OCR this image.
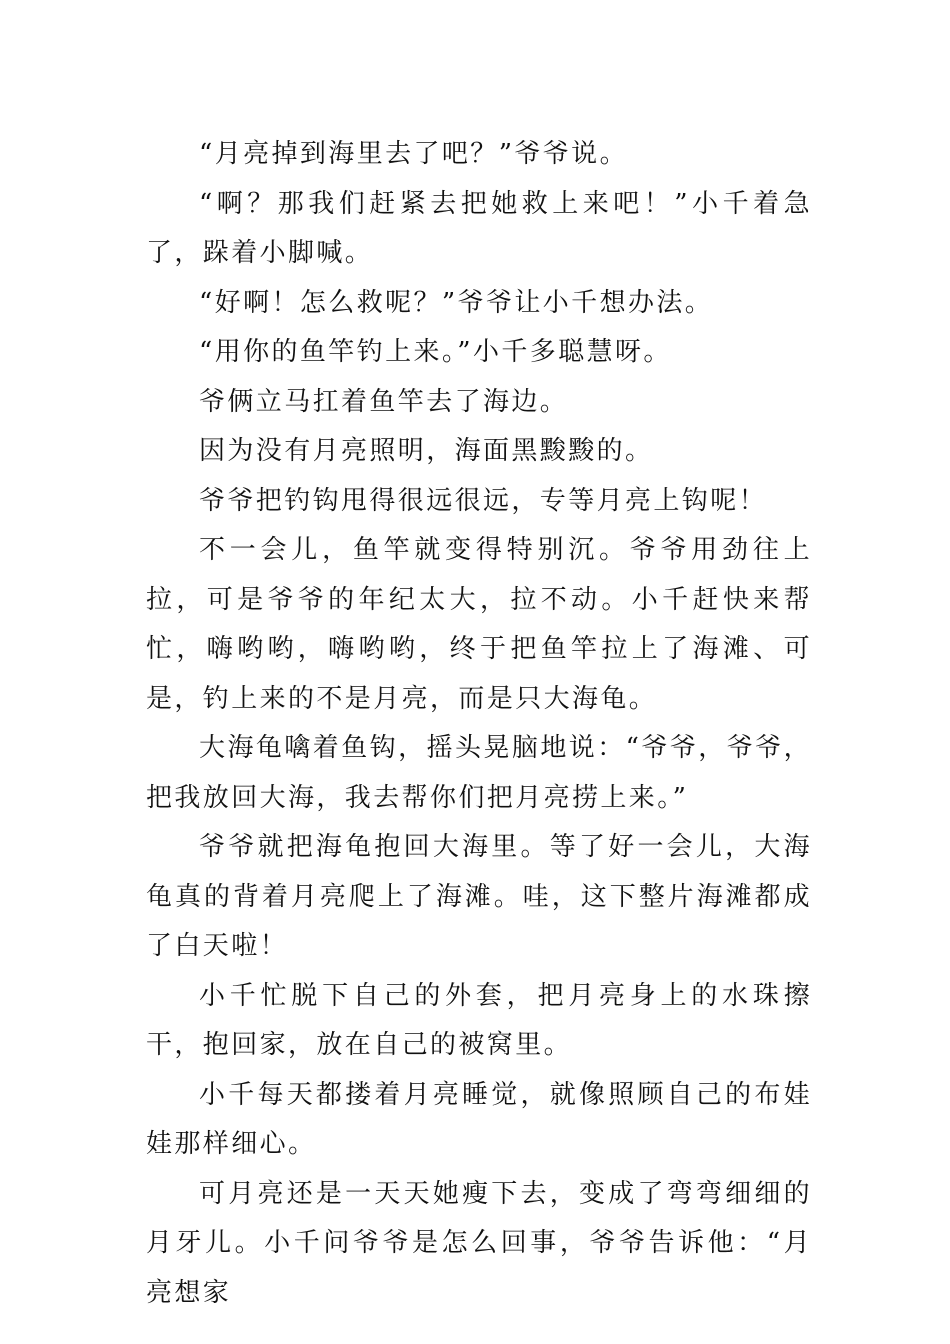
“月亮掉到海里去了吧？”爷爷说。

“啊？那我们赶紧去把她救上来吧！”小千着急了，跺着小脚喊。

“好啊！怎么救呢？”爷爷让小千想办法。

“用你的鱼竿钓上来。”小千多聪慧呀。

爷俩立马扛着鱼竿去了海边。

因为没有月亮照明，海面黑黢黢的。

爷爷把钓钩甩得很远很远，专等月亮上钩呢！

不一会儿，鱼竿就变得特别沉。爷爷用劲往上拉，可是爷爷的年纪太大，拉不动。小千赶快来帮忙，嗨哟哟，嗨哟哟，终于把鱼竿拉上了海滩、可是，钓上来的不是月亮，而是只大海龟。

大海龟噙着鱼钩，摇头晃脑地说：“爷爷，爷爷，把我放回大海，我去帮你们把月亮捞上来。”

爷爷就把海龟抱回大海里。等了好一会儿，大海龟真的背着月亮爬上了海滩。哇，这下整片海滩都成了白天啦！

小千忙脱下自己的外套，把月亮身上的水珠擦干，抱回家，放在自己的被窝里。

小千每天都搂着月亮睡觉，就像照顾自己的布娃娃那样细心。

可月亮还是一天天她瘦下去，变成了弯弯细细的月牙儿。小千问爷爷是怎么回事，爷爷告诉他：“月亮想家
